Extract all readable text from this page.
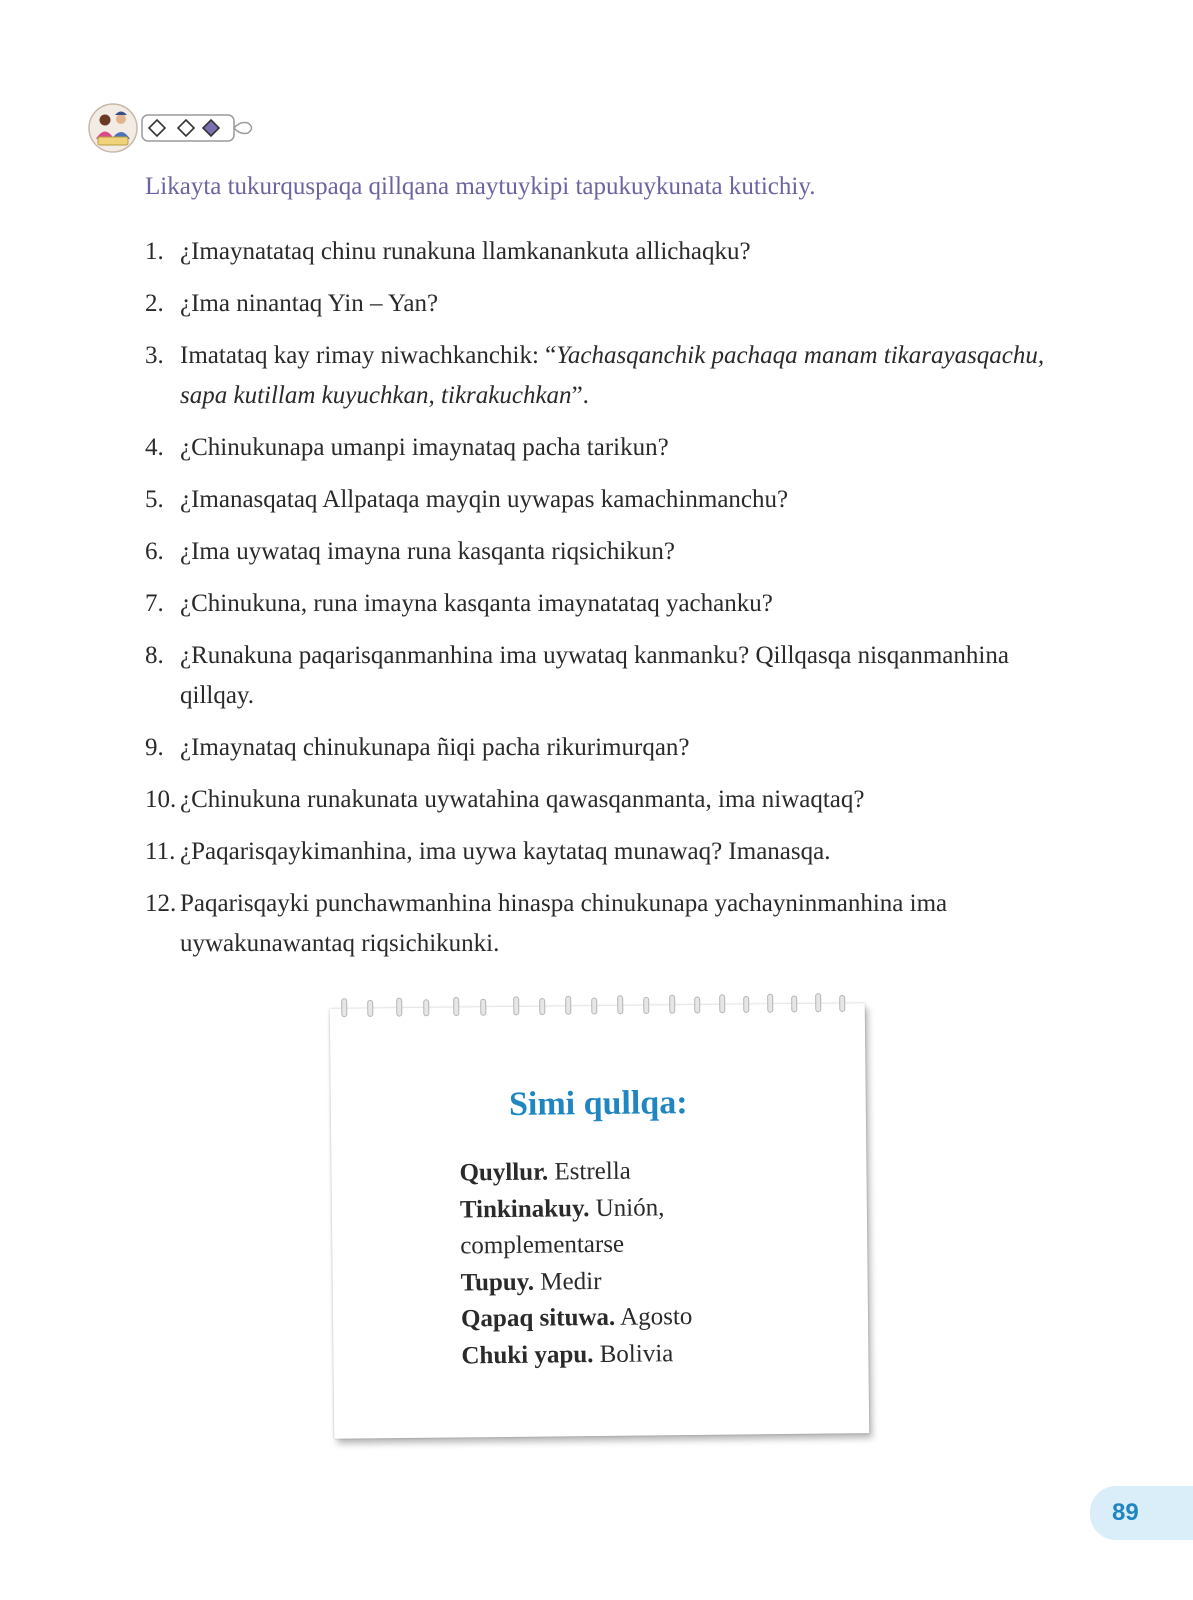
Likayta tukurquspaqa qillqana maytuykipi tapukuykunata kutichiy.

1. ¿Imaynatataq chinu runakuna llamkanankuta allichaqku?
2. ¿Ima ninantaq Yin – Yan?
3. Imatataq kay rimay niwachkanchik: “Yachasqanchik pachaqa manam tikarayasqachu, sapa kutillam kuyuchkan, tikrakuchkan”.
4. ¿Chinukunapa umanpi imaynataq pacha tarikun?
5. ¿Imanasqataq Allpataqa mayqin uywapas kamachinmanchu?
6. ¿Ima uywataq imayna runa kasqanta riqsichikun?
7. ¿Chinukuna, runa imayna kasqanta imaynatataq yachanku?
8. ¿Runakuna paqarisqanmanhina ima uywataq kanmanku? Qillqasqa nisqanmanhina qillqay.
9. ¿Imaynataq chinukunapa ñiqi pacha rikurimurqan?
10. ¿Chinukuna runakunata uywatahina qawasqanmanta, ima niwaqtaq?
11. ¿Paqarisqaykimanhina, ima uywa kaytataq munawaq? Imanasqa.
12. Paqarisqayki punchawmanhina hinaspa chinukunapa yachayninmanhina ima uywakunawantaq riqsichikunki.
Simi qullqa:
Quyllur. Estrella
Tinkinakuy. Unión, complementarse
Tupuy. Medir
Qapaq situwa. Agosto
Chuki yapu. Bolivia
89
